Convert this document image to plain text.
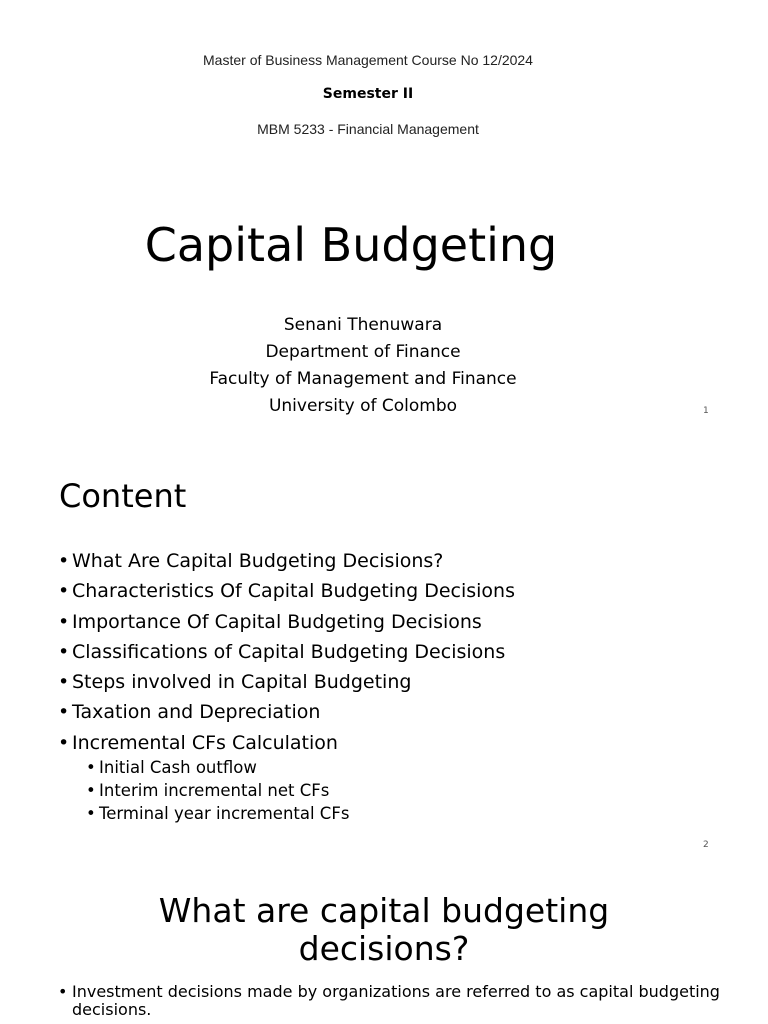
Master of Business Management Course No 12/2024
Semester II
MBM 5233 - Financial Management
Capital Budgeting
Senani Thenuwara
Department of Finance
Faculty of Management and Finance
University of Colombo	1
Content
• What Are Capital Budgeting Decisions?
• Characteristics Of Capital Budgeting Decisions
• Importance Of Capital Budgeting Decisions
• Classifications of Capital Budgeting Decisions
• Steps involved in Capital Budgeting
• Taxation and Depreciation
• Incremental CFs Calculation
• Initial Cash outflow
• Interim incremental net CFs
• Terminal year incremental CFs
2
What are capital budgeting
decisions?
• Investment decisions made by organizations are referred to as capital budgeting decisions.
